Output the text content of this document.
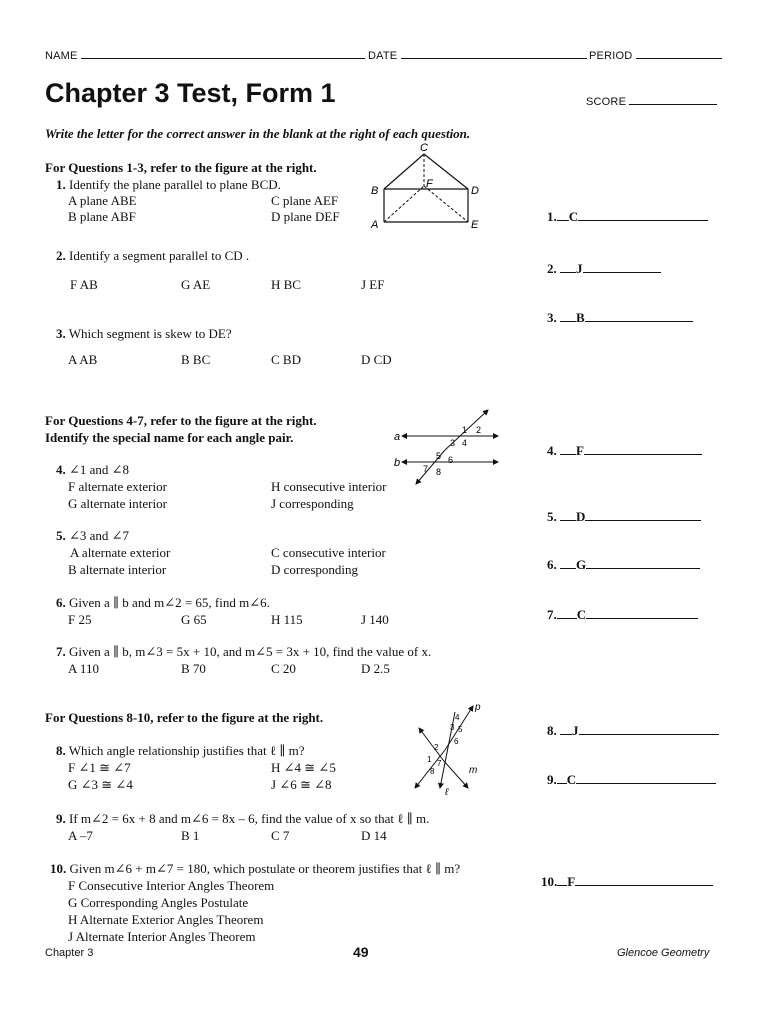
NAME	DATE	PERIOD
Chapter 3 Test, Form 1	SCORE
Write the letter for the correct answer in the blank at the right of each question.
For Questions 1-3, refer to the figure at the right.
C
B
F
D
A	E
1. Identify the plane parallel to plane BCD.
A plane ABE	C plane AEF
B plane ABF	D plane DEF
2. Identify a segment parallel to CD .
F AB	G AE	H BC	J EF
3. Which segment is skew to DE?
A AB	B BC	C BD	D CD
For Questions 4-7, refer to the figure at the right.
Identify the special name for each angle pair.	a
b
1 2
3 4
5 6
7 8
4. ∠1 and ∠8
F alternate exterior	H consecutive interior
G alternate interior	J corresponding
5. ∠3 and ∠7
A alternate exterior	C consecutive interior
B alternate interior	D corresponding
6. Given a ∥ b and m∠2 = 65, find m∠6.
F 25	G 65	H 115	J 140
7. Given a ∥ b, m∠3 = 5x + 10, and m∠5 = 3x + 10, find the value of x.
A 110	B 70	C 20	D 2.5
For Questions 8-10, refer to the figure at the right.
p
4
3 5
2
6
1 7
8	m
ℓ
8. Which angle relationship justifies that ℓ ∥ m?
F ∠1 ≅ ∠7	H ∠4 ≅ ∠5
G ∠3 ≅ ∠4	J ∠6 ≅ ∠8
9. If m∠2 = 6x + 8 and m∠6 = 8x – 6, find the value of x so that ℓ ∥ m.
A –7	B 1	C 7	D 14
10. Given m∠6 + m∠7 = 180, which postulate or theorem justifies that ℓ ∥ m?
F Consecutive Interior Angles Theorem
G Corresponding Angles Postulate
H Alternate Exterior Angles Theorem
J Alternate Interior Angles Theorem
1. C
2. J
3. B
4. F
5. D
6. G
7. C
8. J
9. C
10. F
Chapter 3	49	Glencoe Geometry
